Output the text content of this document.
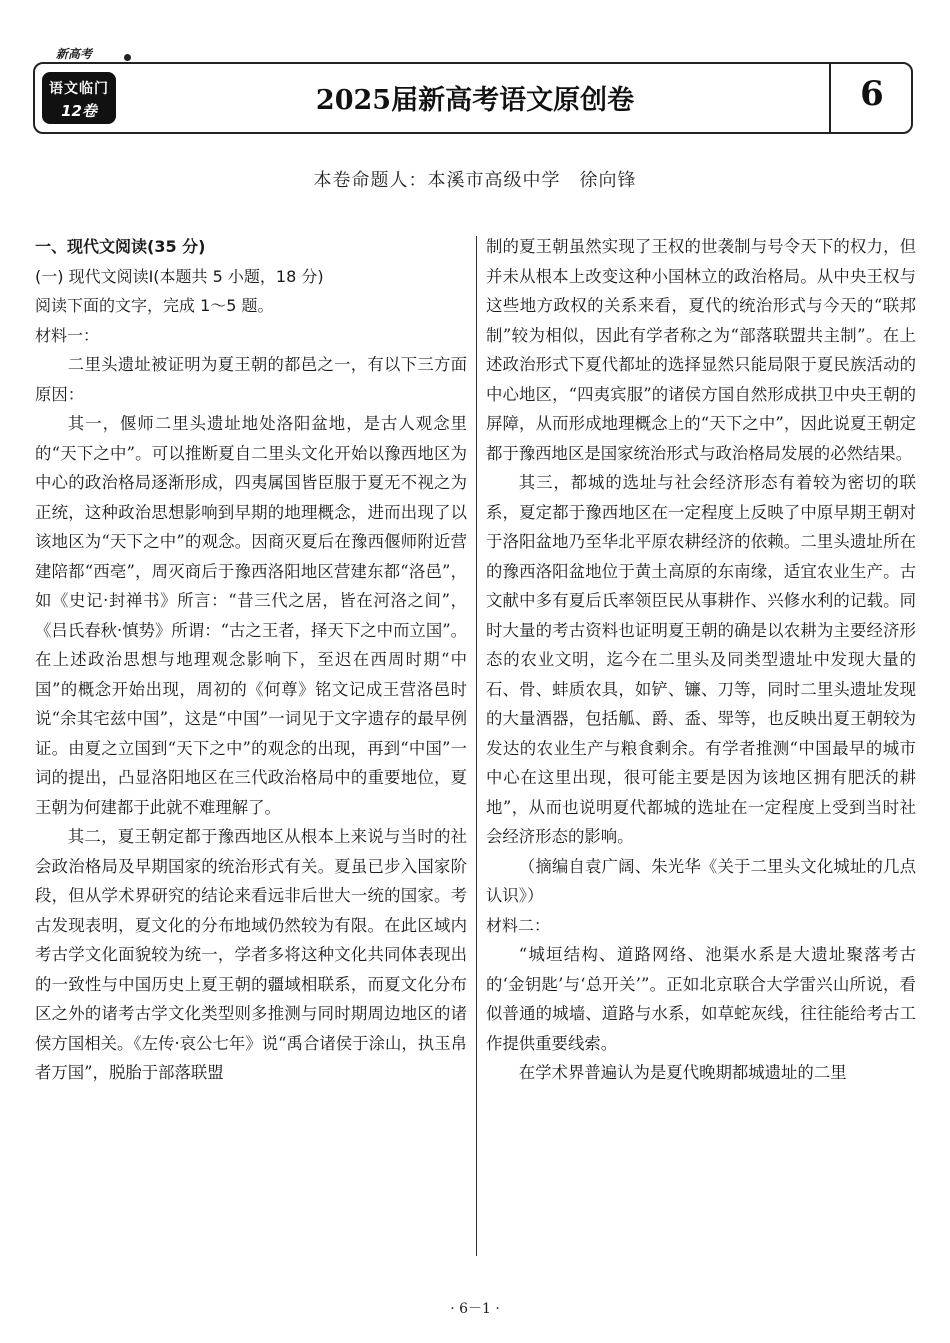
新高考
语文临门
12卷	2025届新高考语文原创卷	6
本卷命题人：本溪市高级中学　徐向锋

一、现代文阅读(35 分)

(一) 现代文阅读Ⅰ(本题共 5 小题，18 分)

阅读下面的文字，完成 1～5 题。

材料一：

二里头遗址被证明为夏王朝的都邑之一，有以下三方面原因：

其一，偃师二里头遗址地处洛阳盆地，是古人观念里的“天下之中”。可以推断夏自二里头文化开始以豫西地区为中心的政治格局逐渐形成，四夷属国皆臣服于夏无不视之为正统，这种政治思想影响到早期的地理概念，进而出现了以该地区为“天下之中”的观念。因商灭夏后在豫西偃师附近营建陪都“西亳”，周灭商后于豫西洛阳地区营建东都“洛邑”，如《史记·封禅书》所言：“昔三代之居，皆在河洛之间”，《吕氏春秋·慎势》所谓：“古之王者，择天下之中而立国”。在上述政治思想与地理观念影响下，至迟在西周时期“中国”的概念开始出现，周初的《何尊》铭文记成王营洛邑时说“余其宅兹中国”，这是“中国”一词见于文字遗存的最早例证。由夏之立国到“天下之中”的观念的出现，再到“中国”一词的提出，凸显洛阳地区在三代政治格局中的重要地位，夏王朝为何建都于此就不难理解了。

其二，夏王朝定都于豫西地区从根本上来说与当时的社会政治格局及早期国家的统治形式有关。夏虽已步入国家阶段，但从学术界研究的结论来看远非后世大一统的国家。考古发现表明，夏文化的分布地域仍然较为有限。在此区域内考古学文化面貌较为统一，学者多将这种文化共同体表现出的一致性与中国历史上夏王朝的疆域相联系，而夏文化分布区之外的诸考古学文化类型则多推测与同时期周边地区的诸侯方国相关。《左传·哀公七年》说“禹合诸侯于涂山，执玉帛者万国”，脱胎于部落联盟

制的夏王朝虽然实现了王权的世袭制与号令天下的权力，但并未从根本上改变这种小国林立的政治格局。从中央王权与这些地方政权的关系来看，夏代的统治形式与今天的“联邦制”较为相似，因此有学者称之为“部落联盟共主制”。在上述政治形式下夏代都址的选择显然只能局限于夏民族活动的中心地区，“四夷宾服”的诸侯方国自然形成拱卫中央王朝的屏障，从而形成地理概念上的“天下之中”，因此说夏王朝定都于豫西地区是国家统治形式与政治格局发展的必然结果。

其三，都城的选址与社会经济形态有着较为密切的联系，夏定都于豫西地区在一定程度上反映了中原早期王朝对于洛阳盆地乃至华北平原农耕经济的依赖。二里头遗址所在的豫西洛阳盆地位于黄土高原的东南缘，适宜农业生产。古文献中多有夏后氏率领臣民从事耕作、兴修水利的记载。同时大量的考古资料也证明夏王朝的确是以农耕为主要经济形态的农业文明，迄今在二里头及同类型遗址中发现大量的石、骨、蚌质农具，如铲、镰、刀等，同时二里头遗址发现的大量酒器，包括觚、爵、盉、斝等，也反映出夏王朝较为发达的农业生产与粮食剩余。有学者推测“中国最早的城市中心在这里出现，很可能主要是因为该地区拥有肥沃的耕地”，从而也说明夏代都城的选址在一定程度上受到当时社会经济形态的影响。

（摘编自袁广阔、朱光华《关于二里头文化城址的几点认识》）

材料二：

“城垣结构、道路网络、池渠水系是大遗址聚落考古的‘金钥匙’与‘总开关’”。正如北京联合大学雷兴山所说，看似普通的城墙、道路与水系，如草蛇灰线，往往能给考古工作提供重要线索。

在学术界普遍认为是夏代晚期都城遗址的二里

· 6－1 ·
